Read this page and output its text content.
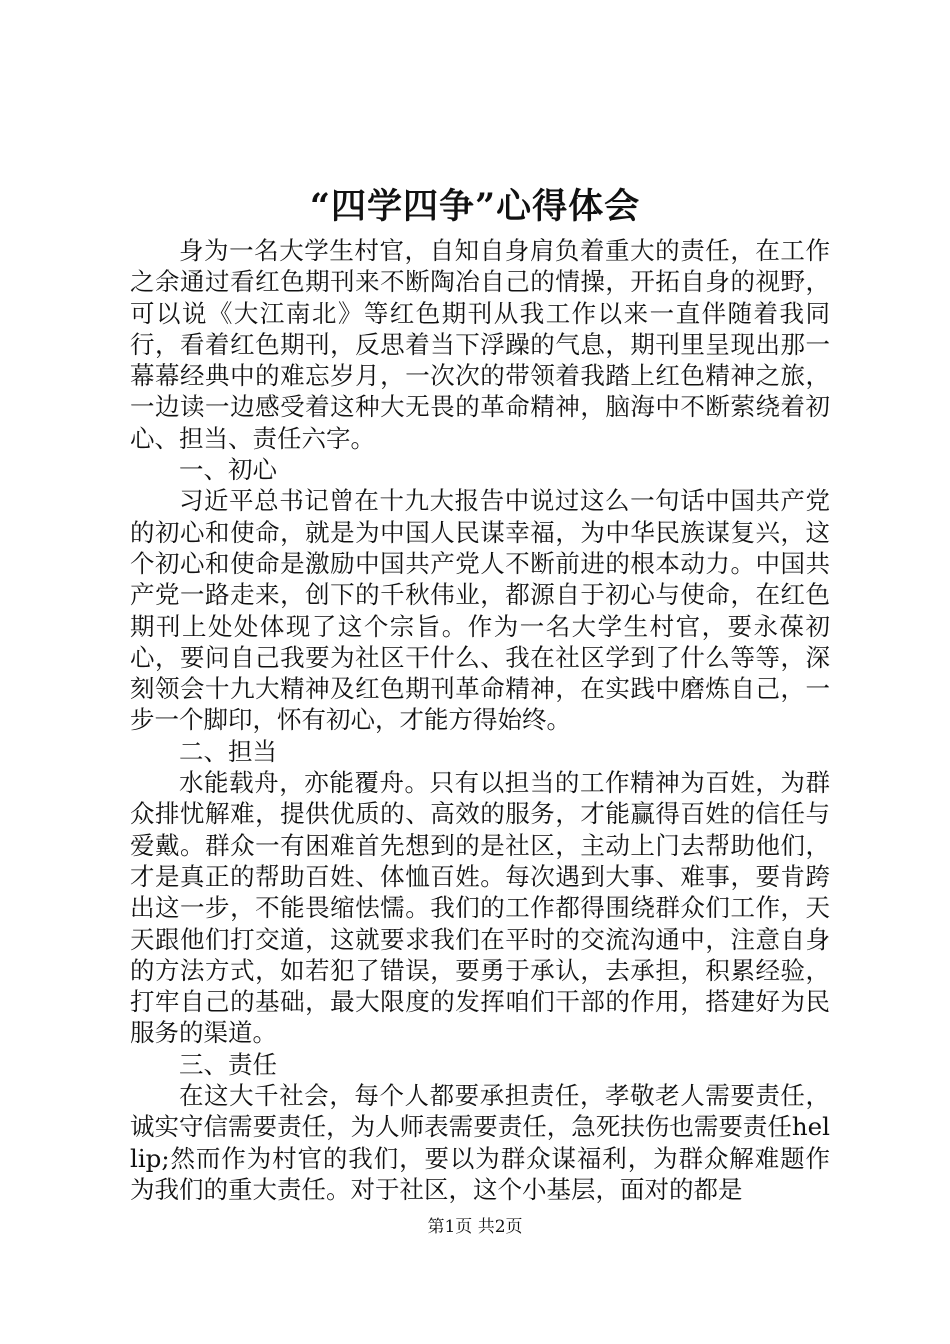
“四学四争”心得体会

身为一名大学生村官，自知自身肩负着重大的责任，在工作之余通过看红色期刊来不断陶冶自己的情操，开拓自身的视野，可以说《大江南北》等红色期刊从我工作以来一直伴随着我同行，看着红色期刊，反思着当下浮躁的气息，期刊里呈现出那一幕幕经典中的难忘岁月，一次次的带领着我踏上红色精神之旅，一边读一边感受着这种大无畏的革命精神，脑海中不断萦绕着初心、担当、责任六字。

一、初心

习近平总书记曾在十九大报告中说过这么一句话中国共产党的初心和使命，就是为中国人民谋幸福，为中华民族谋复兴，这个初心和使命是激励中国共产党人不断前进的根本动力。中国共产党一路走来，创下的千秋伟业，都源自于初心与使命，在红色期刊上处处体现了这个宗旨。作为一名大学生村官，要永葆初心，要问自己我要为社区干什么、我在社区学到了什么等等，深刻领会十九大精神及红色期刊革命精神，在实践中磨炼自己，一步一个脚印，怀有初心，才能方得始终。

二、担当

水能载舟，亦能覆舟。只有以担当的工作精神为百姓，为群众排忧解难，提供优质的、高效的服务，才能赢得百姓的信任与爱戴。群众一有困难首先想到的是社区，主动上门去帮助他们，才是真正的帮助百姓、体恤百姓。每次遇到大事、难事，要肯跨出这一步，不能畏缩怯懦。我们的工作都得围绕群众们工作，天天跟他们打交道，这就要求我们在平时的交流沟通中，注意自身的方法方式，如若犯了错误，要勇于承认，去承担，积累经验，打牢自己的基础，最大限度的发挥咱们干部的作用，搭建好为民服务的渠道。

三、责任

在这大千社会，每个人都要承担责任，孝敬老人需要责任，诚实守信需要责任，为人师表需要责任，急死扶伤也需要责任hellip;然而作为村官的我们，要以为群众谋福利，为群众解难题作为我们的重大责任。对于社区，这个小基层，面对的都是

第1页 共2页
